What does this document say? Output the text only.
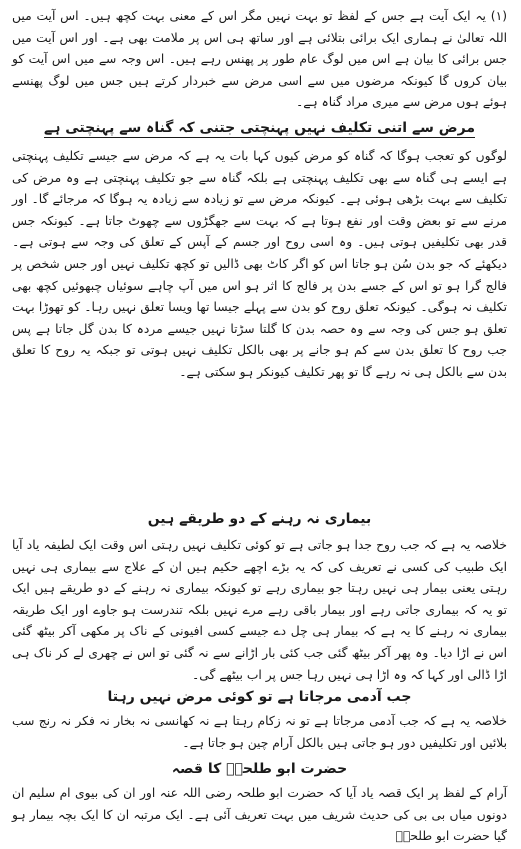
(۱) یہ ایک آیت ہے جس کے لفظ تو بہت نہیں مگر اس کے معنی بہت کچھ ہیں۔ اس آیت میں اللہ تعالیٰ نے ہماری ایک برائی بتلائی ہے اور ساتھ ہی اس پر ملامت بھی ہے۔ اور اس آیت میں جس برائی کا بیان ہے اس میں لوگ عام طور پر پھنس رہے ہیں۔ اس وجہ سے میں اس آیت کو بیان کروں گا کیونکہ مرضوں میں سے اسی مرض سے خبردار کرتے ہیں جس میں لوگ پھنسے ہوئے ہوں مرض سے میری مراد گناہ ہے۔

مرض سے اتنی تکلیف نہیں پہنچتی جتنی کہ گناہ سے پہنچتی ہے

لوگوں کو تعجب ہوگا کہ گناہ کو مرض کیوں کہا بات یہ ہے کہ مرض سے جیسے تکلیف پہنچتی ہے ایسے ہی گناہ سے بھی تکلیف پہنچتی ہے بلکہ گناہ سے جو تکلیف پہنچتی ہے وہ مرض کی تکلیف سے بہت بڑھی ہوئی ہے۔ کیونکہ مرض سے تو زیادہ سے زیادہ یہ ہوگا کہ مرجائے گا۔ اور مرنے سے تو بعض وقت اور نفع ہوتا ہے کہ بہت سے جھگڑوں سے چھوٹ جاتا ہے۔ کیونکہ جس قدر بھی تکلیفیں ہوتی ہیں۔ وہ اسی روح اور جسم کے آپس کے تعلق کی وجہ سے ہوتی ہے۔ دیکھئے کہ جو بدن سُن ہو جاتا اس کو اگر کاٹ بھی ڈالیں تو کچھ تکلیف نہیں اور جس شخص پر فالج گرا ہو تو اس کے جسے بدن پر فالج کا اثر ہو اس میں آپ چاہے سوئیاں چبھوئیں کچھ بھی تکلیف نہ ہوگی۔ کیونکہ تعلق روح کو بدن سے پہلے جیسا تھا ویسا تعلق نہیں رہا۔ کو تھوڑا بہت تعلق ہو جس کی وجہ سے وہ حصہ بدن کا گلتا سڑتا نہیں جیسے مردہ کا بدن گل جاتا ہے پس جب روح کا تعلق بدن سے کم ہو جانے پر بھی بالکل تکلیف نہیں ہوتی تو جبکہ یہ روح کا تعلق بدن سے بالکل ہی نہ رہے گا تو پھر تکلیف کیونکر ہو سکتی ہے۔

بیماری نہ رہنے کے دو طریقے ہیں

خلاصہ یہ ہے کہ جب روح جدا ہو جاتی ہے تو کوئی تکلیف نہیں رہتی اس وقت ایک لطیفہ یاد آیا ایک طبیب کی کسی نے تعریف کی کہ یہ بڑے اچھے حکیم ہیں ان کے علاج سے بیماری ہی نہیں رہتی یعنی بیمار ہی نہیں رہتا جو بیماری رہے تو کیونکہ بیماری نہ رہنے کے دو طریقے ہیں ایک تو یہ کہ بیماری جاتی رہے اور بیمار باقی رہے مرے نہیں بلکہ تندرست ہو جاوے اور ایک طریقہ بیماری نہ رہنے کا یہ ہے کہ بیمار ہی چل دے جیسے کسی افیونی کے ناک پر مکھی آکر بیٹھ گئی اس نے اڑا دیا۔ وہ پھر آکر بیٹھ گئی جب کئی بار اڑانے سے نہ گئی تو اس نے چھری لے کر ناک ہی اڑا ڈالی اور کہا کہ وہ اڑا ہی نہیں رہا جس پر اب بیٹھے گی۔

جب آدمی مرجاتا ہے تو کوئی مرض نہیں رہتا

خلاصہ یہ ہے کہ جب آدمی مرجاتا ہے تو نہ زکام رہتا ہے نہ کھانسی نہ بخار نہ فکر نہ رنج سب بلائیں اور تکلیفیں دور ہو جاتی ہیں بالکل آرام چین ہو جاتا ہے۔

حضرت ابو طلحہؓ کا قصہ

آرام کے لفظ پر ایک قصہ یاد آیا کہ حضرت ابو طلحہ رضی اللہ عنہ اور ان کی بیوی ام سلیم ان دونوں میاں بی بی کی حدیث شریف میں بہت تعریف آئی ہے۔ ایک مرتبہ ان کا ایک بچہ بیمار ہو گیا حضرت ابو طلحہؓ
